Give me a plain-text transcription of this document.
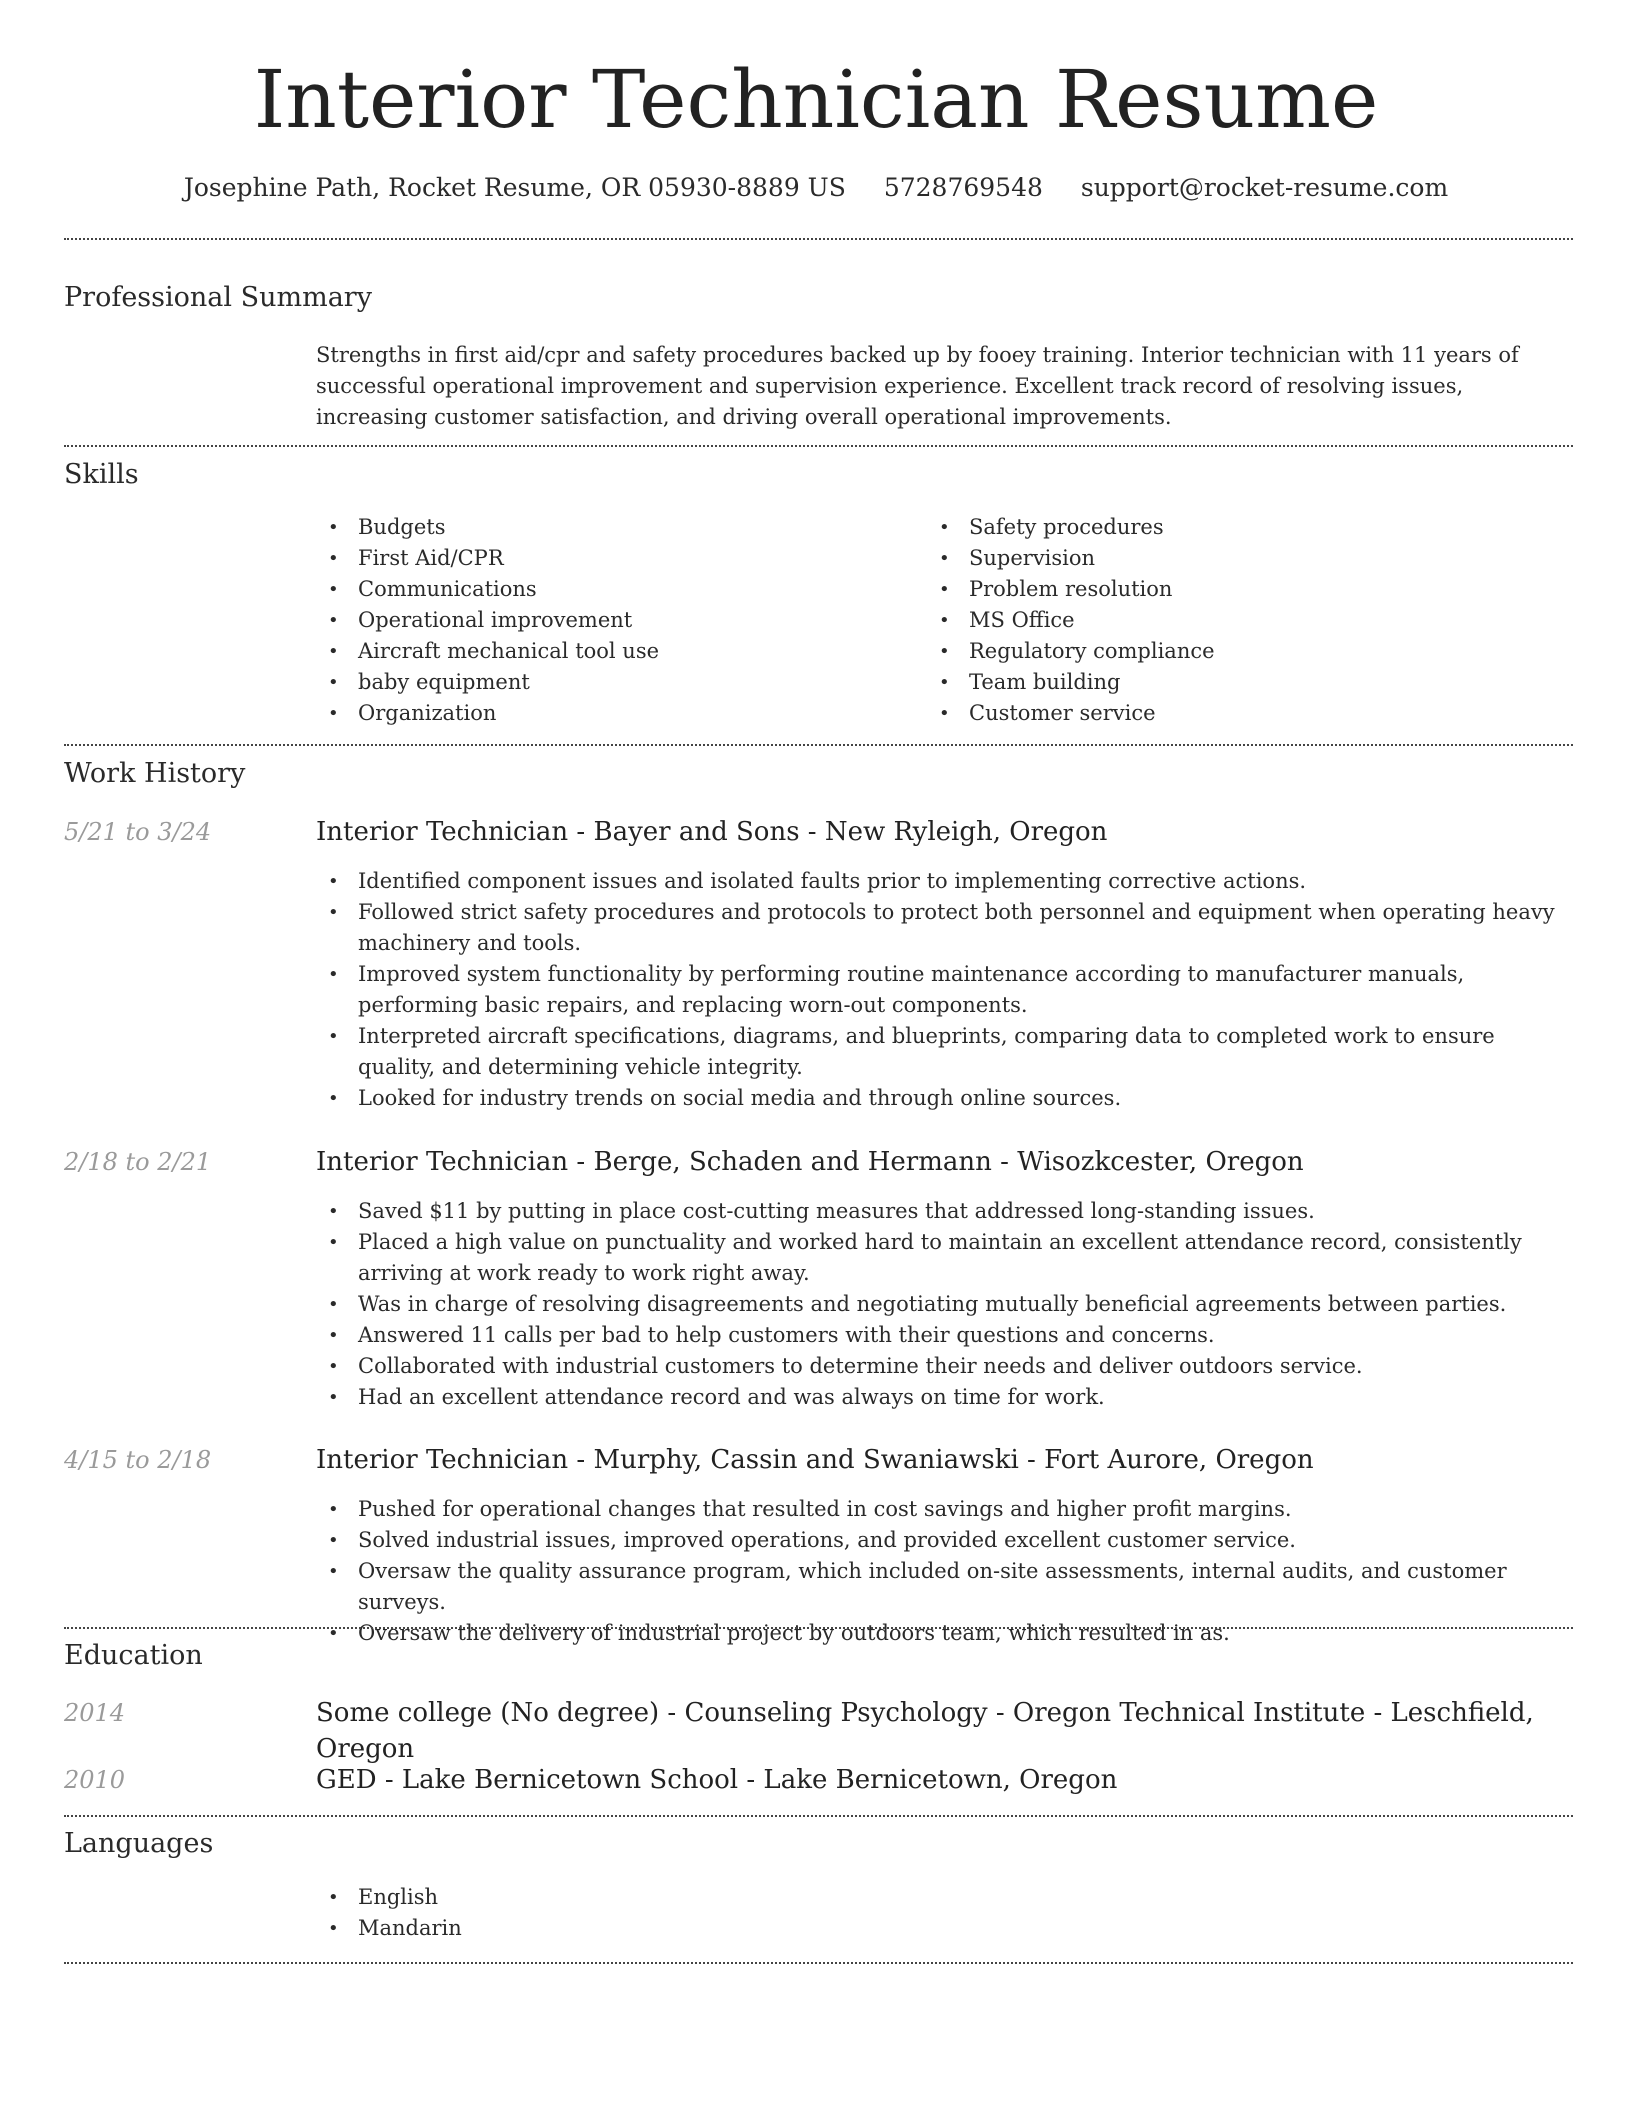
Interior Technician Resume
Josephine Path, Rocket Resume, OR 05930-8889 US 5728769548 support@rocket-resume.com
Professional Summary

Strengths in first aid/cpr and safety procedures backed up by fooey training. Interior technician with 11 years of successful operational improvement and supervision experience. Excellent track record of resolving issues, increasing customer satisfaction, and driving overall operational improvements.

Skills
• Budgets
• First Aid/CPR
• Communications
• Operational improvement
• Aircraft mechanical tool use
• baby equipment
• Organization
• Safety procedures
• Supervision
• Problem resolution
• MS Office
• Regulatory compliance
• Team building
• Customer service
Work History
5/21 to 3/24	Interior Technician - Bayer and Sons - New Ryleigh, Oregon
• Identified component issues and isolated faults prior to implementing corrective actions.
• Followed strict safety procedures and protocols to protect both personnel and equipment when operating heavy machinery and tools.
• Improved system functionality by performing routine maintenance according to manufacturer manuals, performing basic repairs, and replacing worn-out components.
• Interpreted aircraft specifications, diagrams, and blueprints, comparing data to completed work to ensure quality, and determining vehicle integrity.
• Looked for industry trends on social media and through online sources.
2/18 to 2/21	Interior Technician - Berge, Schaden and Hermann - Wisozkcester, Oregon
• Saved $11 by putting in place cost-cutting measures that addressed long-standing issues.
• Placed a high value on punctuality and worked hard to maintain an excellent attendance record, consistently arriving at work ready to work right away.
• Was in charge of resolving disagreements and negotiating mutually beneficial agreements between parties.
• Answered 11 calls per bad to help customers with their questions and concerns.
• Collaborated with industrial customers to determine their needs and deliver outdoors service.
• Had an excellent attendance record and was always on time for work.
4/15 to 2/18	Interior Technician - Murphy, Cassin and Swaniawski - Fort Aurore, Oregon
• Pushed for operational changes that resulted in cost savings and higher profit margins.
• Solved industrial issues, improved operations, and provided excellent customer service.
• Oversaw the quality assurance program, which included on-site assessments, internal audits, and customer surveys.
• Oversaw the delivery of industrial project by outdoors team, which resulted in as.
Education
2014	Some college (No degree) - Counseling Psychology - Oregon Technical Institute - Leschfield, Oregon
2010	GED - Lake Bernicetown School - Lake Bernicetown, Oregon
Languages
• English
• Mandarin
